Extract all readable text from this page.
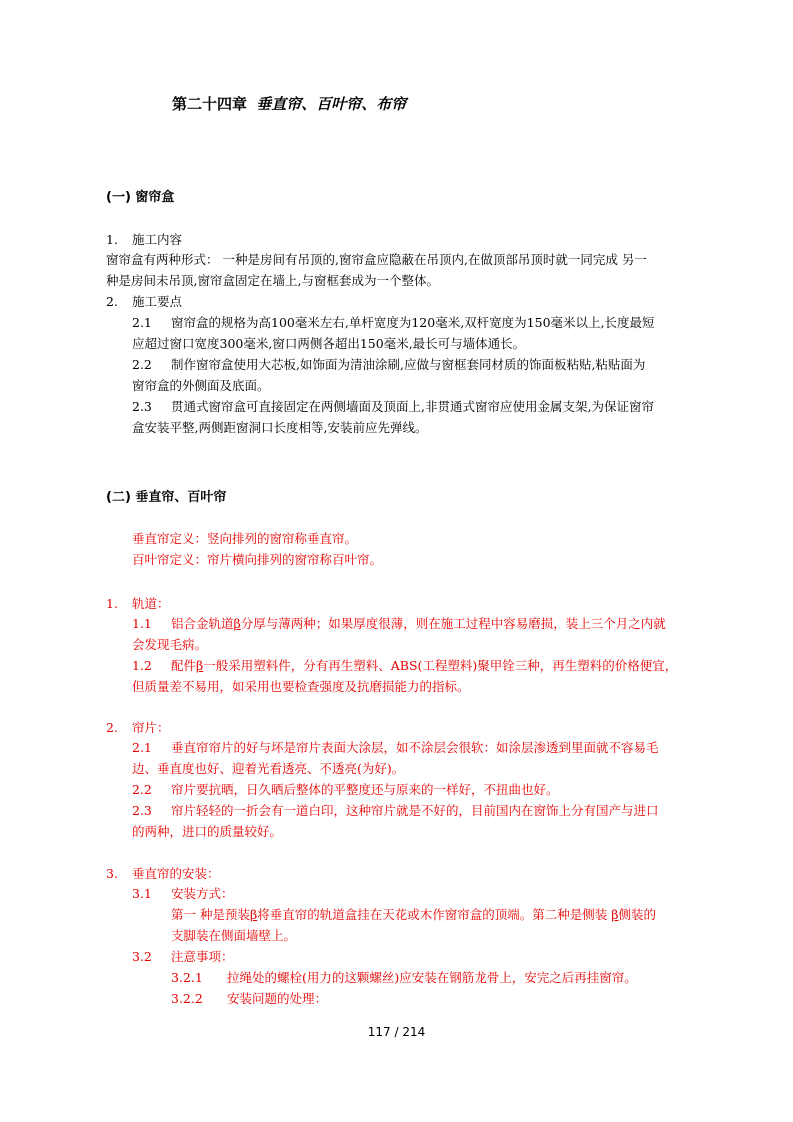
第二十四章 垂直帘、百叶帘、布帘
(一) 窗帘盒
1. 施工内容
窗帘盒有两种形式： 一种是房间有吊顶的,窗帘盒应隐蔽在吊顶内,在做顶部吊顶时就一同完成 另一
种是房间未吊顶,窗帘盒固定在墙上,与窗框套成为一个整体。
2. 施工要点
2.1 窗帘盒的规格为高100毫米左右,单杆宽度为120毫米,双杆宽度为150毫米以上,长度最短
应超过窗口宽度300毫米,窗口两侧各超出150毫米,最长可与墙体通长。
2.2 制作窗帘盒使用大芯板,如饰面为清油涂刷,应做与窗框套同材质的饰面板粘贴,粘贴面为
窗帘盒的外侧面及底面。
2.3 贯通式窗帘盒可直接固定在两侧墙面及顶面上,非贯通式窗帘应使用金属支架,为保证窗帘
盒安装平整,两侧距窗洞口长度相等,安装前应先弹线。
(二) 垂直帘、百叶帘
垂直帘定义：竖向排列的窗帘称垂直帘。
百叶帘定义：帘片横向排列的窗帘称百叶帘。
1. 轨道：
1.1 铝合金轨道β分厚与薄两种；如果厚度很薄，则在施工过程中容易磨损，装上三个月之内就
会发现毛病。
1.2 配件β一般采用塑料件，分有再生塑料、ABS(工程塑料)聚甲铨三种，再生塑料的价格便宜，
但质量差不易用，如采用也要检查强度及抗磨损能力的指标。
2. 帘片：
2.1 垂直帘帘片的好与坏是帘片表面大涂层，如不涂层会很软：如涂层渗透到里面就不容易毛
边、垂直度也好、迎着光看透亮、不透亮(为好)。
2.2 帘片要抗晒，日久晒后整体的平整度还与原来的一样好，不扭曲也好。
2.3 帘片轻轻的一折会有一道白印，这种帘片就是不好的，目前国内在窗饰上分有国产与进口
的两种，进口的质量较好。
3. 垂直帘的安装：
3.1 安装方式：
第一 种是预装β将垂直帘的轨道盒挂在天花或木作窗帘盒的顶端。第二种是侧装 β侧装的
支脚装在侧面墙壁上。
3.2 注意事项：
3.2.1 拉绳处的螺栓(用力的这颗螺丝)应安装在钢筋龙骨上，安完之后再挂窗帘。
3.2.2 安装问题的处理：
117 / 214
